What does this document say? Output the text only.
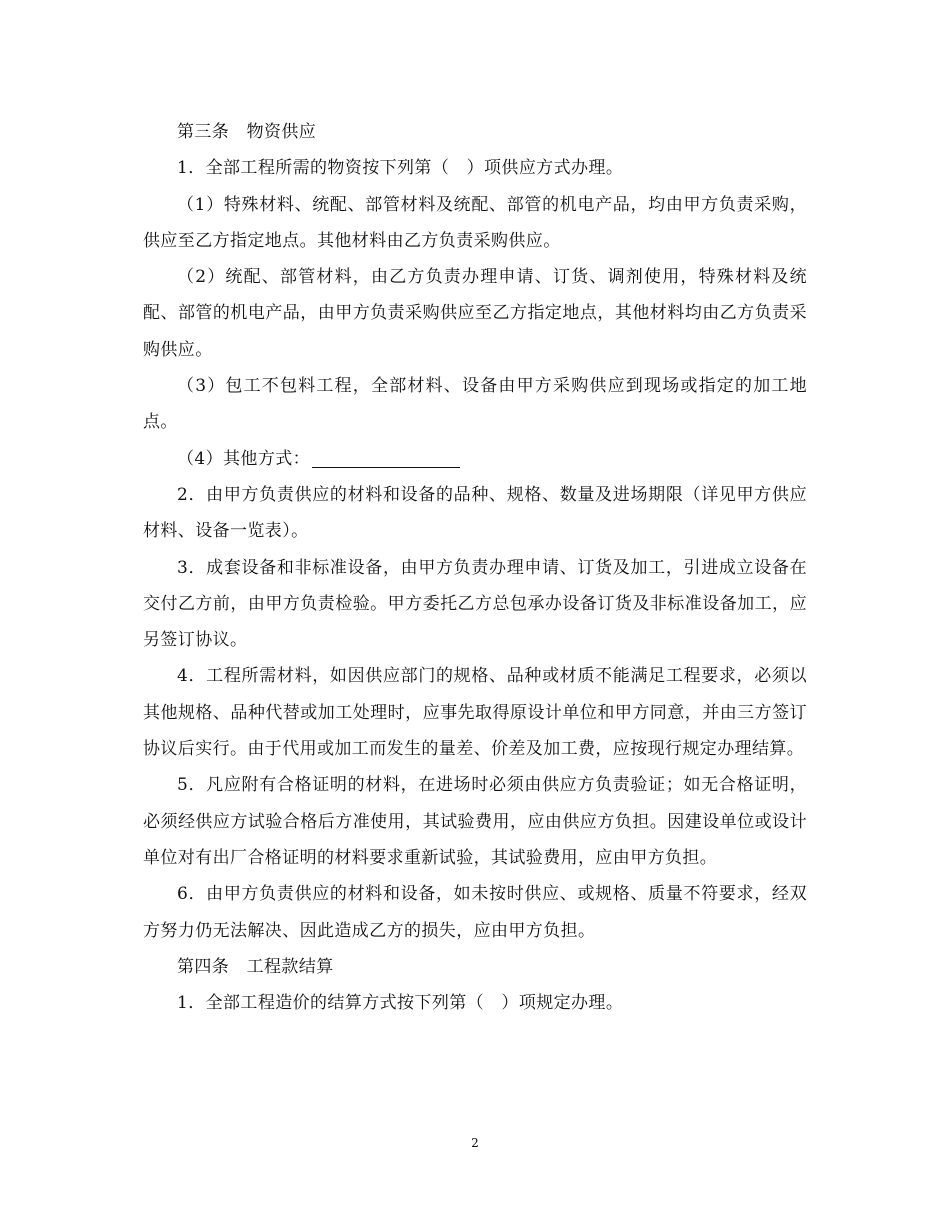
第三条　物资供应

1．全部工程所需的物资按下列第（　）项供应方式办理。

（1）特殊材料、统配、部管材料及统配、部管的机电产品，均由甲方负责采购，供应至乙方指定地点。其他材料由乙方负责采购供应。

（2）统配、部管材料，由乙方负责办理申请、订货、调剂使用，特殊材料及统配、部管的机电产品，由甲方负责采购供应至乙方指定地点，其他材料均由乙方负责采购供应。

（3）包工不包料工程，全部材料、设备由甲方采购供应到现场或指定的加工地点。

（4）其他方式：

2．由甲方负责供应的材料和设备的品种、规格、数量及进场期限（详见甲方供应材料、设备一览表）。

3．成套设备和非标准设备，由甲方负责办理申请、订货及加工，引进成立设备在交付乙方前，由甲方负责检验。甲方委托乙方总包承办设备订货及非标准设备加工，应另签订协议。

4．工程所需材料，如因供应部门的规格、品种或材质不能满足工程要求，必须以其他规格、品种代替或加工处理时，应事先取得原设计单位和甲方同意，并由三方签订协议后实行。由于代用或加工而发生的量差、价差及加工费，应按现行规定办理结算。

5．凡应附有合格证明的材料，在进场时必须由供应方负责验证；如无合格证明，必须经供应方试验合格后方准使用，其试验费用，应由供应方负担。因建设单位或设计单位对有出厂合格证明的材料要求重新试验，其试验费用，应由甲方负担。

6．由甲方负责供应的材料和设备，如未按时供应、或规格、质量不符要求，经双方努力仍无法解决、因此造成乙方的损失，应由甲方负担。

第四条　工程款结算

1．全部工程造价的结算方式按下列第（　）项规定办理。

2
